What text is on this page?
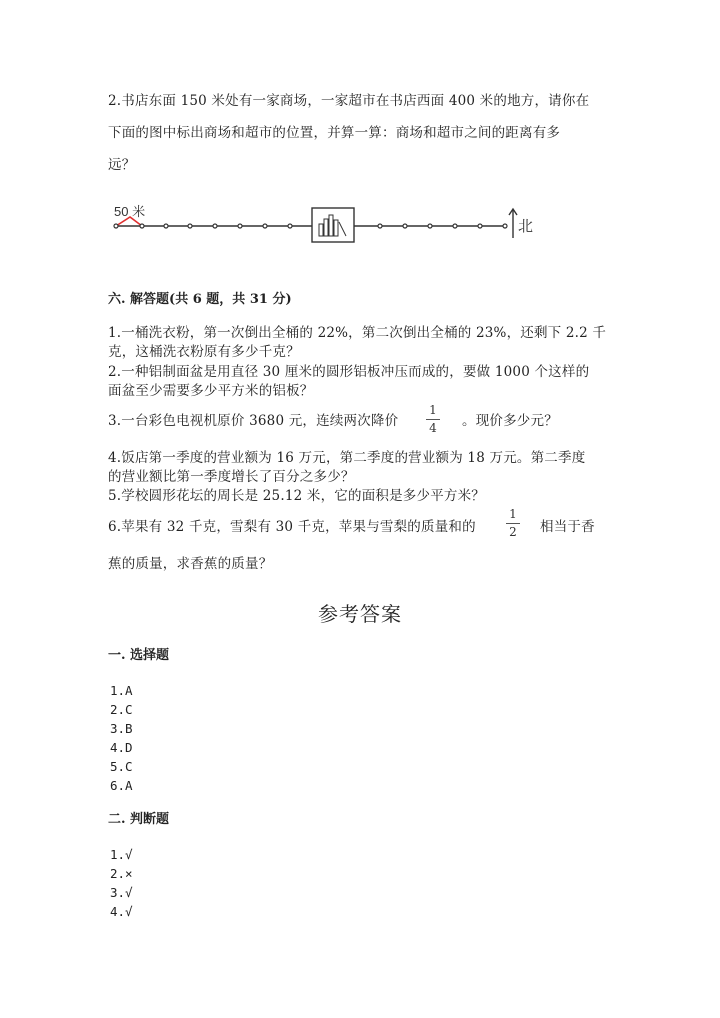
2.书店东面 150 米处有一家商场，一家超市在书店西面 400 米的地方，请你在
下面的图中标出商场和超市的位置，并算一算：商场和超市之间的距离有多
远？
50 米
北
六. 解答题(共 6 题，共 31 分)
1.一桶洗衣粉，第一次倒出全桶的 22%，第二次倒出全桶的 23%，还剩下 2.2 千
克，这桶洗衣粉原有多少千克？
2.一种铝制面盆是用直径 30 厘米的圆形铝板冲压而成的，要做 1000 个这样的
面盆至少需要多少平方米的铝板？
3.一台彩色电视机原价 3680 元，连续两次降价
1
4 。现价多少元？
4.饭店第一季度的营业额为 16 万元，第二季度的营业额为 18 万元。第二季度
的营业额比第一季度增长了百分之多少？
5.学校圆形花坛的周长是 25.12 米，它的面积是多少平方米？
6.苹果有 32 千克，雪梨有 30 千克，苹果与雪梨的质量和的
1
2 相当于香
蕉的质量，求香蕉的质量？
参考答案
一. 选择题
1.A
2.C
3.B
4.D
5.C
6.A
二. 判断题
1.√
2.×
3.√
4.√
